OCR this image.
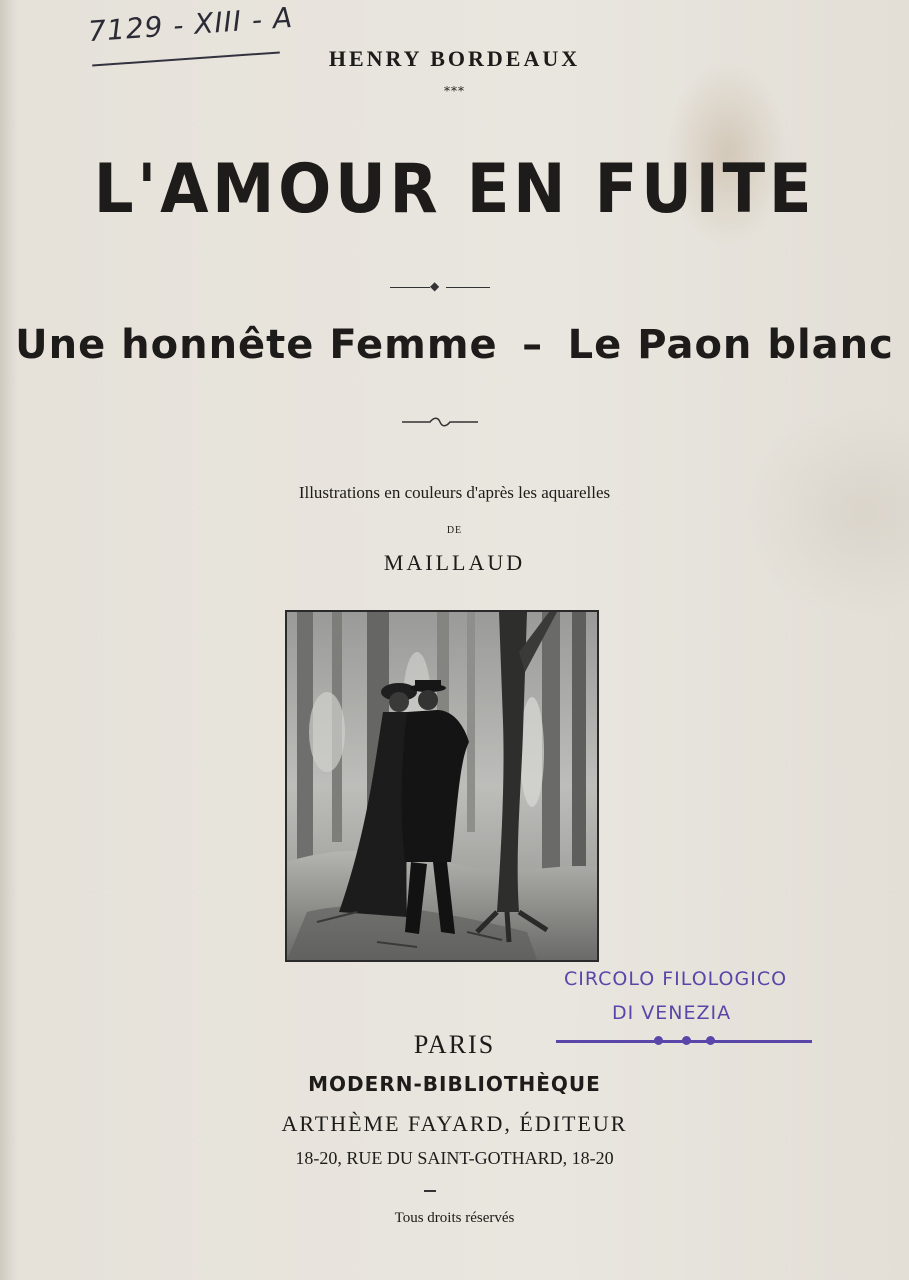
7129 - XIII - A
HENRY BORDEAUX
***
L'AMOUR EN FUITE
◆
Une honnête Femme – Le Paon blanc
Illustrations en couleurs d'après les aquarelles
DE
MAILLAUD
CIRCOLO FILOLOGICO
DI VENEZIA
PARIS
MODERN-BIBLIOTHÈQUE
ARTHÈME FAYARD, ÉDITEUR
18-20, RUE DU SAINT-GOTHARD, 18-20
Tous droits réservés
